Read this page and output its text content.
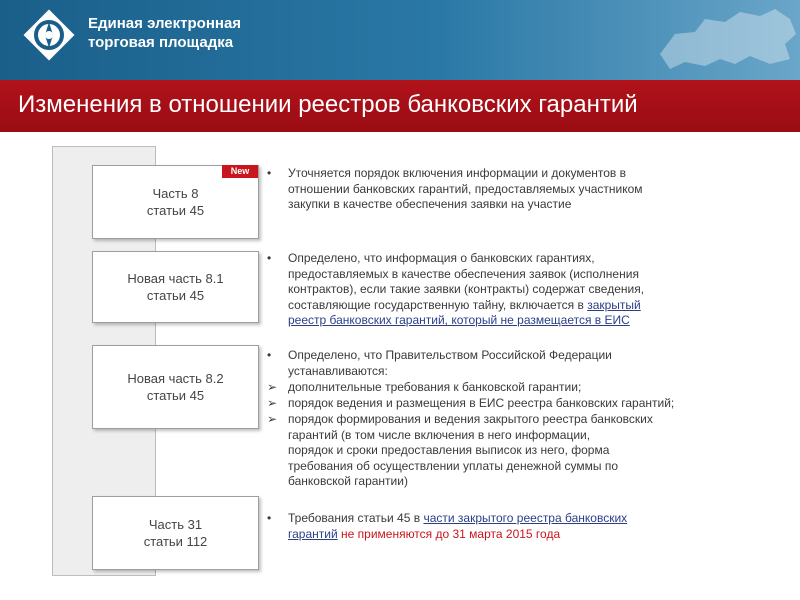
Единая электронная
торговая площадка
Изменения в отношении реестров банковских гарантий
Часть 8
статьи 45
New
Новая часть 8.1
статьи 45
Новая часть 8.2
статьи 45
Часть 31
статьи 112
• Уточняется порядок включения информации и документов в
отношении банковских гарантий, предоставляемых участником
закупки в качестве обеспечения заявки на участие
• Определено, что информация о банковских гарантиях,
предоставляемых в качестве обеспечения заявок (исполнения
контрактов), если такие заявки (контракты) содержат сведения,
составляющие государственную тайну, включается в закрытый
реестр банковских гарантий, который не размещается в ЕИС
• Определено, что Правительством Российской Федерации
устанавливаются:
➢ дополнительные требования к банковской гарантии;
➢ порядок ведения и размещения в ЕИС реестра банковских гарантий;
➢ порядок формирования и ведения закрытого реестра банковских
гарантий (в том числе включения в него информации,
порядок и сроки предоставления выписок из него, форма
требования об осуществлении уплаты денежной суммы по
банковской гарантии)
• Требования статьи 45 в части закрытого реестра банковских
гарантий не применяются до 31 марта 2015 года
